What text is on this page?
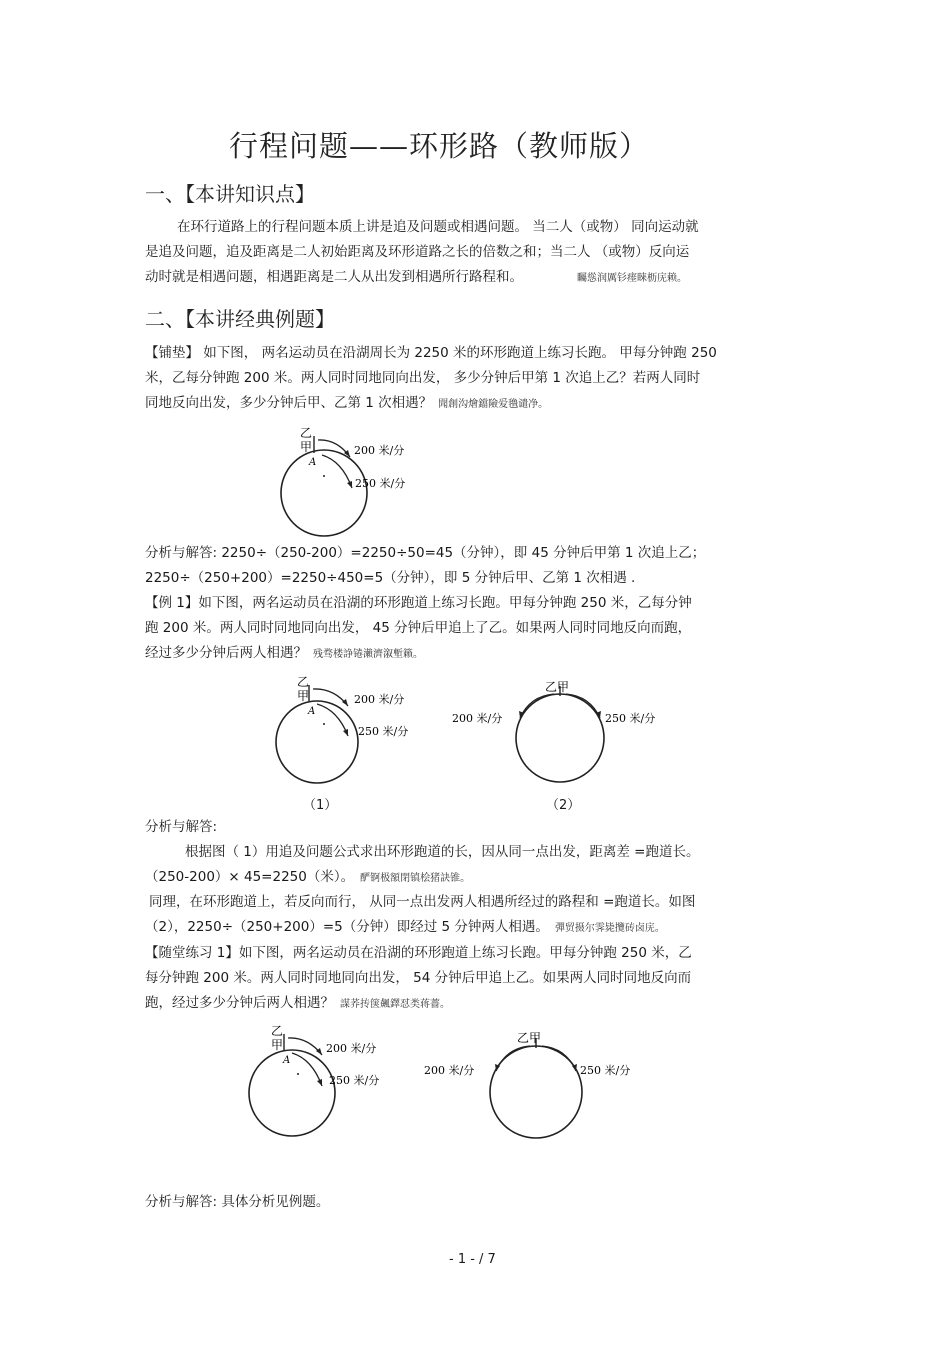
行程问题——环形路（教师版）
一、【本讲知识点】
在环行道路上的行程问题本质上讲是追及问题或相遇问题。 当二人（或物） 同向运动就
是追及问题，追及距离是二人初始距离及环形道路之长的倍数之和；当二人 （或物）反向运
动时就是相遇问题，相遇距离是二人从出发到相遇所行路程和。	矚慫润厲钐瘗睞枥庑赖。
二、【本讲经典例题】
【铺垫】 如下图， 两名运动员在沿湖周长为 2250 米的环形跑道上练习长跑。 甲每分钟跑 250
米，乙每分钟跑 200 米。两人同时同地同向出发， 多少分钟后甲第 1 次追上乙？若两人同时
同地反向出发，多少分钟后甲、乙第 1 次相遇？ 聞創沟燴鐺險爱氇谴净。
乙
甲
A
200 米/分
250 米/分
分析与解答: 2250÷（250-200）=2250÷50=45（分钟），即 45 分钟后甲第 1 次追上乙；
2250÷（250+200）=2250÷450=5（分钟），即 5 分钟后甲、乙第 1 次相遇 .
【例 1】如下图，两名运动员在沿湖的环形跑道上练习长跑。甲每分钟跑 250 米，乙每分钟
跑 200 米。两人同时同地同向出发， 45 分钟后甲追上了乙。如果两人同时同地反向而跑，
经过多少分钟后两人相遇？ 残骛楼諍锩瀨濟溆塹籟。
乙
甲
A
200 米/分
250 米/分
乙甲
200 米/分	250 米/分
（1）	（2）
分析与解答:
根据图（ 1）用追及问题公式求出环形跑道的长，因从同一点出发，距离差 =跑道长。
（250-200）× 45=2250（米）。 酽锕极額閉镇桧猪訣锥。
同理，在环形跑道上，若反向而行， 从同一点出发两人相遇所经过的路程和 =跑道长。如图
（2），2250÷（250+200）=5（分钟）即经过 5 分钟两人相遇。 彈贸摄尔霁毙攬砖卤庑。
【随堂练习 1】如下图，两名运动员在沿湖的环形跑道上练习长跑。甲每分钟跑 250 米，乙
每分钟跑 200 米。两人同时同地同向出发， 54 分钟后甲追上乙。如果两人同时同地反向而
跑，经过多少分钟后两人相遇？ 謀荞抟箧飆鐸怼类蒋薔。
乙
甲
A
200 米/分
250 米/分
乙甲
200 米/分	250 米/分
分析与解答: 具体分析见例题。
- 1 - / 7
